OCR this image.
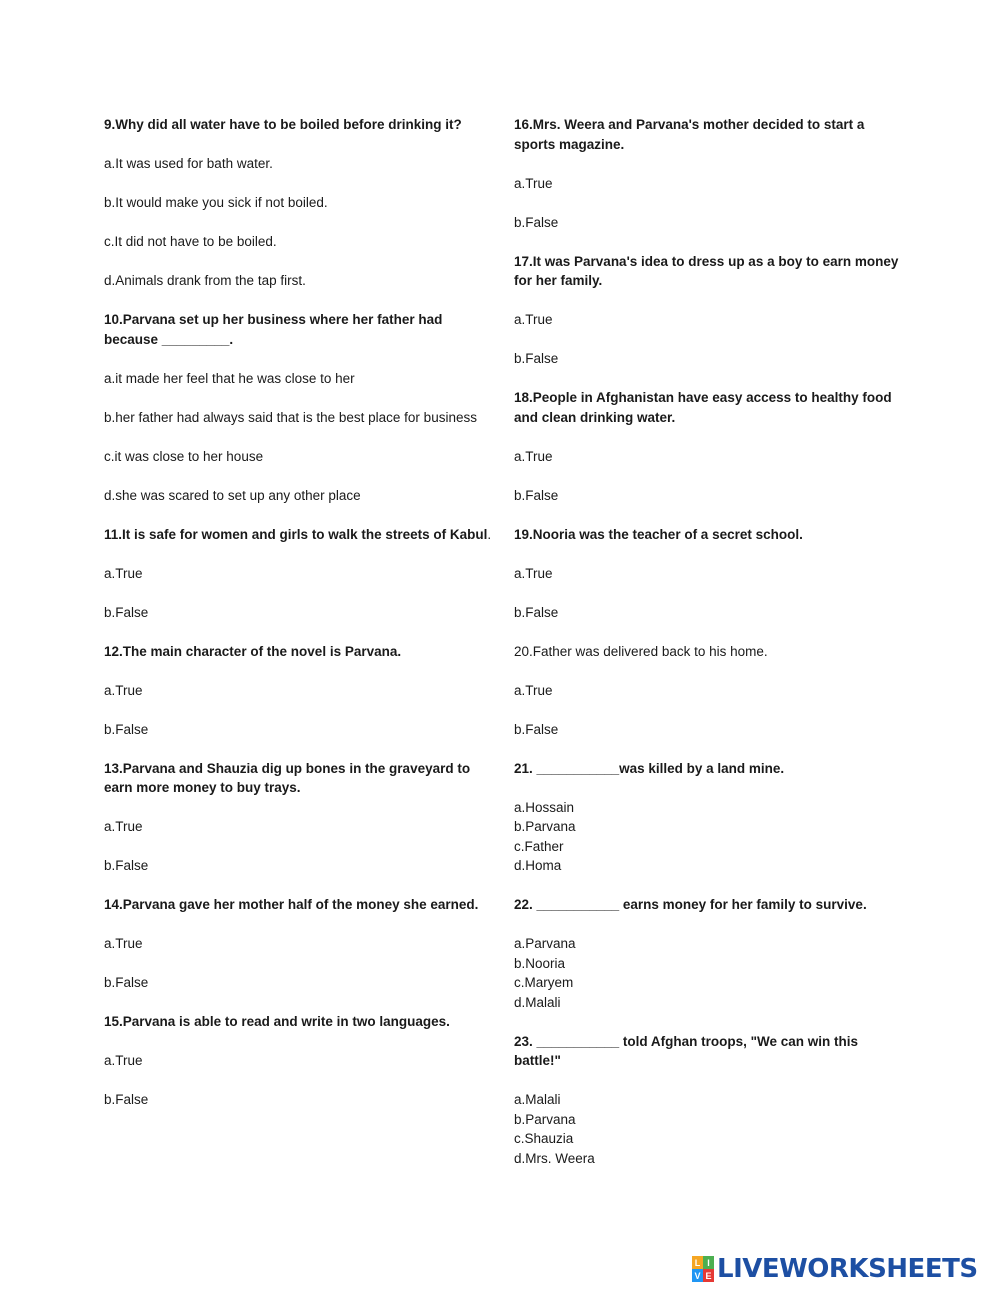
9.Why did all water have to be boiled before drinking it?

a.It was used for bath water.

b.It would make you sick if not boiled.

c.It did not have to be boiled.

d.Animals drank from the tap first.

10.Parvana set up her business where her father had because _________.

a.it made her feel that he was close to her

b.her father had always said that is the best place for business

c.it was close to her house

d.she was scared to set up any other place

11.It is safe for women and girls to walk the streets of Kabul.

a.True

b.False

12.The main character of the novel is Parvana.

a.True

b.False

13.Parvana and Shauzia dig up bones in the graveyard to earn more money to buy trays.

a.True

b.False

14.Parvana gave her mother half of the money she earned.

a.True

b.False

15.Parvana is able to read and write in two languages.

a.True

b.False

16.Mrs. Weera and Parvana's mother decided to start a sports magazine.

a.True

b.False

17.It was Parvana's idea to dress up as a boy to earn money for her family.

a.True

b.False

18.People in Afghanistan have easy access to healthy food and clean drinking water.

a.True

b.False

19.Nooria was the teacher of a secret school.

a.True

b.False

20.Father was delivered back to his home.

a.True

b.False

21. ___________was killed by a land mine.

a.Hossain
b.Parvana
c.Father
d.Homa

22. ___________ earns money for her family to survive.

a.Parvana
b.Nooria
c.Maryem
d.Malali

23. ___________ told Afghan troops, "We can win this battle!"

a.Malali
b.Parvana
c.Shauzia
d.Mrs. Weera
L I
V E LIVEWORKSHEETS
